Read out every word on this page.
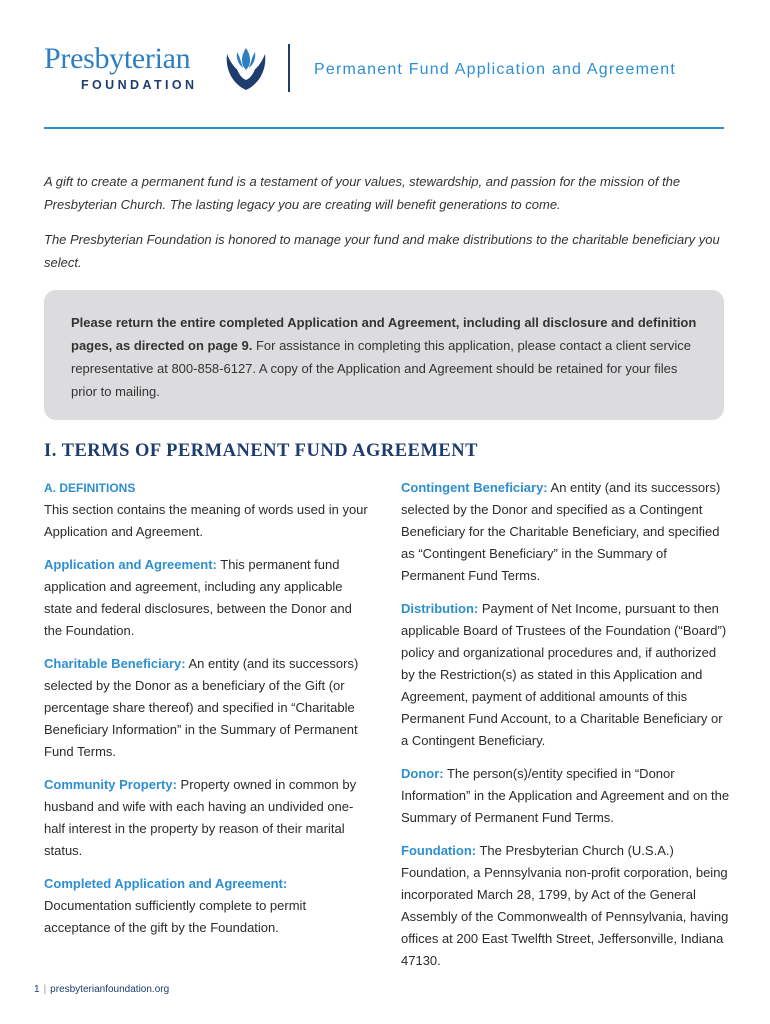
Presbyterian
FOUNDATION
Permanent Fund Application and Agreement

A gift to create a permanent fund is a testament of your values, stewardship, and passion for the mission of the Presbyterian Church. The lasting legacy you are creating will benefit generations to come.

The Presbyterian Foundation is honored to manage your fund and make distributions to the charitable beneficiary you select.

Please return the entire completed Application and Agreement, including all disclosure and definition pages, as directed on page 9. For assistance in completing this application, please contact a client service representative at 800-858-6127. A copy of the Application and Agreement should be retained for your files prior to mailing.

I. TERMS OF PERMANENT FUND AGREEMENT

A. DEFINITIONS

This section contains the meaning of words used in your Application and Agreement.

Application and Agreement: This permanent fund application and agreement, including any applicable state and federal disclosures, between the Donor and the Foundation.

Charitable Beneficiary: An entity (and its successors) selected by the Donor as a beneficiary of the Gift (or percentage share thereof) and specified in “Charitable Beneficiary Information” in the Summary of Permanent Fund Terms.

Community Property: Property owned in common by husband and wife with each having an undivided one-half interest in the property by reason of their marital status.

Completed Application and Agreement:
Documentation sufficiently complete to permit acceptance of the gift by the Foundation.

Contingent Beneficiary: An entity (and its successors) selected by the Donor and specified as a Contingent Beneficiary for the Charitable Beneficiary, and specified as “Contingent Beneficiary” in the Summary of Permanent Fund Terms.

Distribution: Payment of Net Income, pursuant to then applicable Board of Trustees of the Foundation (“Board”) policy and organizational procedures and, if authorized by the Restriction(s) as stated in this Application and Agreement, payment of additional amounts of this Permanent Fund Account, to a Charitable Beneficiary or a Contingent Beneficiary.

Donor: The person(s)/entity specified in “Donor Information” in the Application and Agreement and on the Summary of Permanent Fund Terms.

Foundation: The Presbyterian Church (U.S.A.) Foundation, a Pennsylvania non-profit corporation, being incorporated March 28, 1799, by Act of the General Assembly of the Commonwealth of Pennsylvania, having offices at 200 East Twelfth Street, Jeffersonville, Indiana 47130.

1 | presbyterianfoundation.org
